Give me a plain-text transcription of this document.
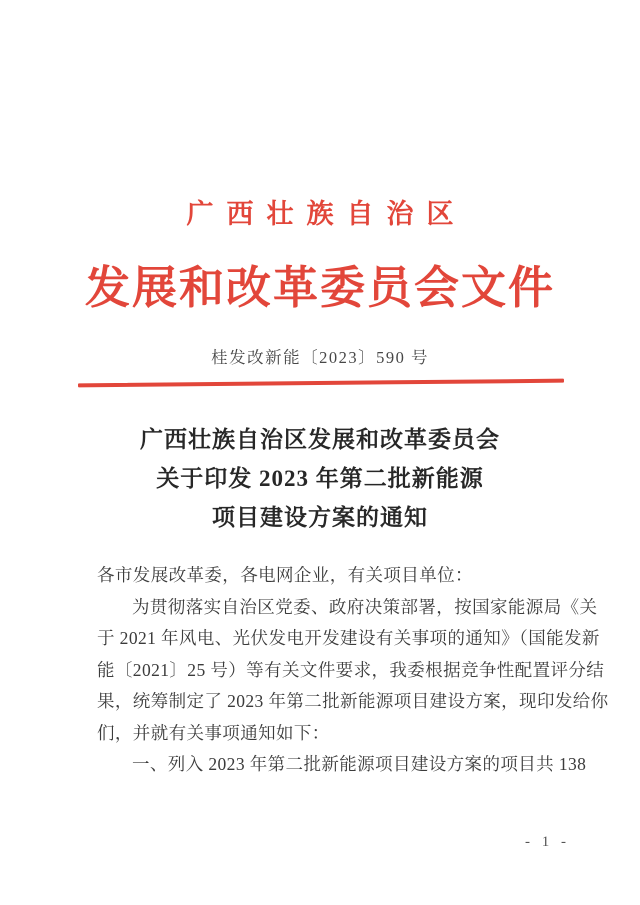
广西壮族自治区
发展和改革委员会文件
桂发改新能〔2023〕590 号
广西壮族自治区发展和改革委员会
关于印发 2023 年第二批新能源
项目建设方案的通知
各市发展改革委，各电网企业，有关项目单位：
为贯彻落实自治区党委、政府决策部署，按国家能源局《关
于 2021 年风电、光伏发电开发建设有关事项的通知》（国能发新
能〔2021〕25 号）等有关文件要求，我委根据竞争性配置评分结
果，统筹制定了 2023 年第二批新能源项目建设方案，现印发给你
们，并就有关事项通知如下：
一、列入 2023 年第二批新能源项目建设方案的项目共 138
- 1 -
